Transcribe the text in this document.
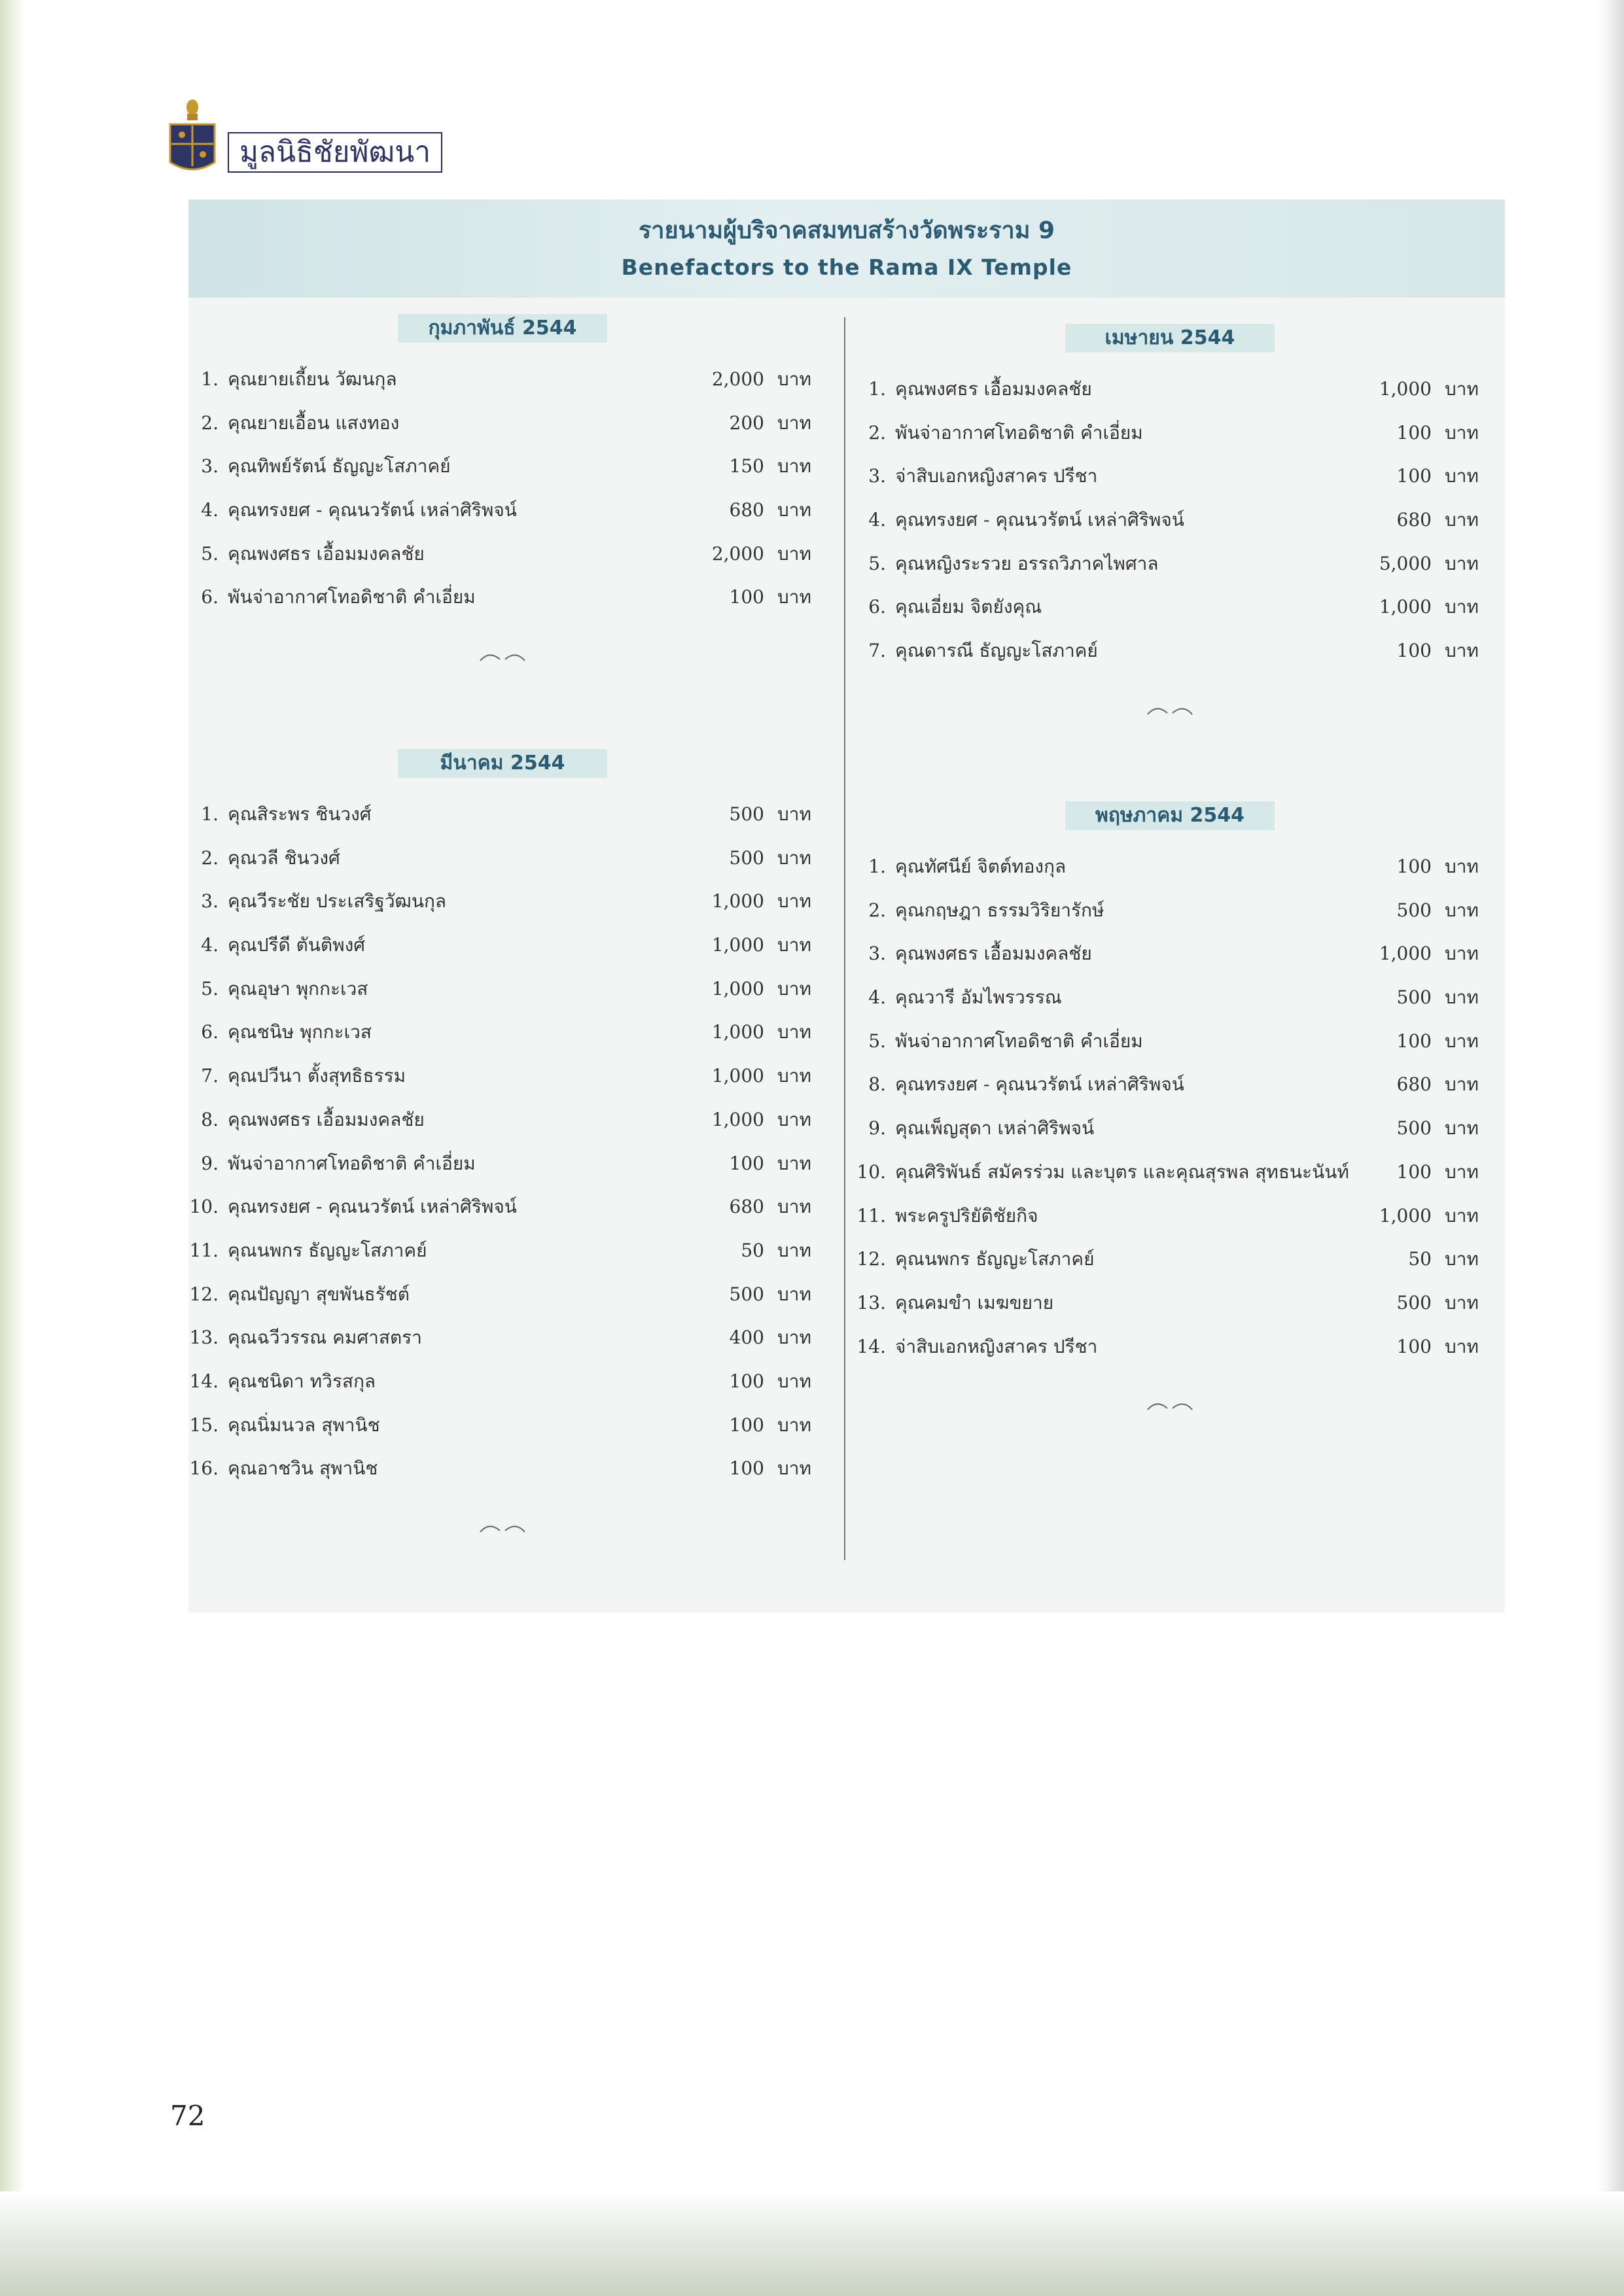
มูลนิธิชัยพัฒนา
รายนามผู้บริจาคสมทบสร้างวัดพระราม 9
Benefactors to the Rama IX Temple
กุมภาพันธ์ 2544
1. คุณยายเถี้ยน วัฒนกุล	2,000 บาท
2. คุณยายเอื้อน แสงทอง	200 บาท
3. คุณทิพย์รัตน์ ธัญญะโสภาคย์	150 บาท
4. คุณทรงยศ - คุณนวรัตน์ เหล่าศิริพจน์	680 บาท
5. คุณพงศธร เอื้อมมงคลชัย	2,000 บาท
6. พันจ่าอากาศโทอดิชาติ คำเอี่ยม	100 บาท
มีนาคม 2544
1. คุณสิระพร ชินวงศ์	500 บาท
2. คุณวลี ชินวงศ์	500 บาท
3. คุณวีระชัย ประเสริฐวัฒนกุล	1,000 บาท
4. คุณปรีดี ตันติพงศ์	1,000 บาท
5. คุณอุษา พุกกะเวส	1,000 บาท
6. คุณชนิษ พุกกะเวส	1,000 บาท
7. คุณปวีนา ตั้งสุทธิธรรม	1,000 บาท
8. คุณพงศธร เอื้อมมงคลชัย	1,000 บาท
9. พันจ่าอากาศโทอดิชาติ คำเอี่ยม	100 บาท
10. คุณทรงยศ - คุณนวรัตน์ เหล่าศิริพจน์	680 บาท
11. คุณนพกร ธัญญะโสภาคย์	50 บาท
12. คุณปัญญา สุขพันธรัชต์	500 บาท
13. คุณฉวีวรรณ คมศาสตรา	400 บาท
14. คุณชนิดา ทวิรสกุล	100 บาท
15. คุณนิ่มนวล สุพานิช	100 บาท
16. คุณอาชวิน สุพานิช	100 บาท
เมษายน 2544
1. คุณพงศธร เอื้อมมงคลชัย	1,000 บาท
2. พันจ่าอากาศโทอดิชาติ คำเอี่ยม	100 บาท
3. จ่าสิบเอกหญิงสาคร ปรีชา	100 บาท
4. คุณทรงยศ - คุณนวรัตน์ เหล่าศิริพจน์	680 บาท
5. คุณหญิงระรวย อรรถวิภาคไพศาล	5,000 บาท
6. คุณเอี่ยม จิตยังคุณ	1,000 บาท
7. คุณดารณี ธัญญะโสภาคย์	100 บาท
พฤษภาคม 2544
1. คุณทัศนีย์ จิตต์ทองกุล	100 บาท
2. คุณกฤษฎา ธรรมวิริยารักษ์	500 บาท
3. คุณพงศธร เอื้อมมงคลชัย	1,000 บาท
4. คุณวารี อัมไพรวรรณ	500 บาท
5. พันจ่าอากาศโทอดิชาติ คำเอี่ยม	100 บาท
8. คุณทรงยศ - คุณนวรัตน์ เหล่าศิริพจน์	680 บาท
9. คุณเพ็ญสุดา เหล่าศิริพจน์	500 บาท
10. คุณศิริพันธ์ สมัครร่วม และบุตร และคุณสุรพล สุทธนะนันท์	100 บาท
11. พระครูปริยัติชัยกิจ	1,000 บาท
12. คุณนพกร ธัญญะโสภาคย์	50 บาท
13. คุณคมขำ เมฆขยาย	500 บาท
14. จ่าสิบเอกหญิงสาคร ปรีชา	100 บาท
72
